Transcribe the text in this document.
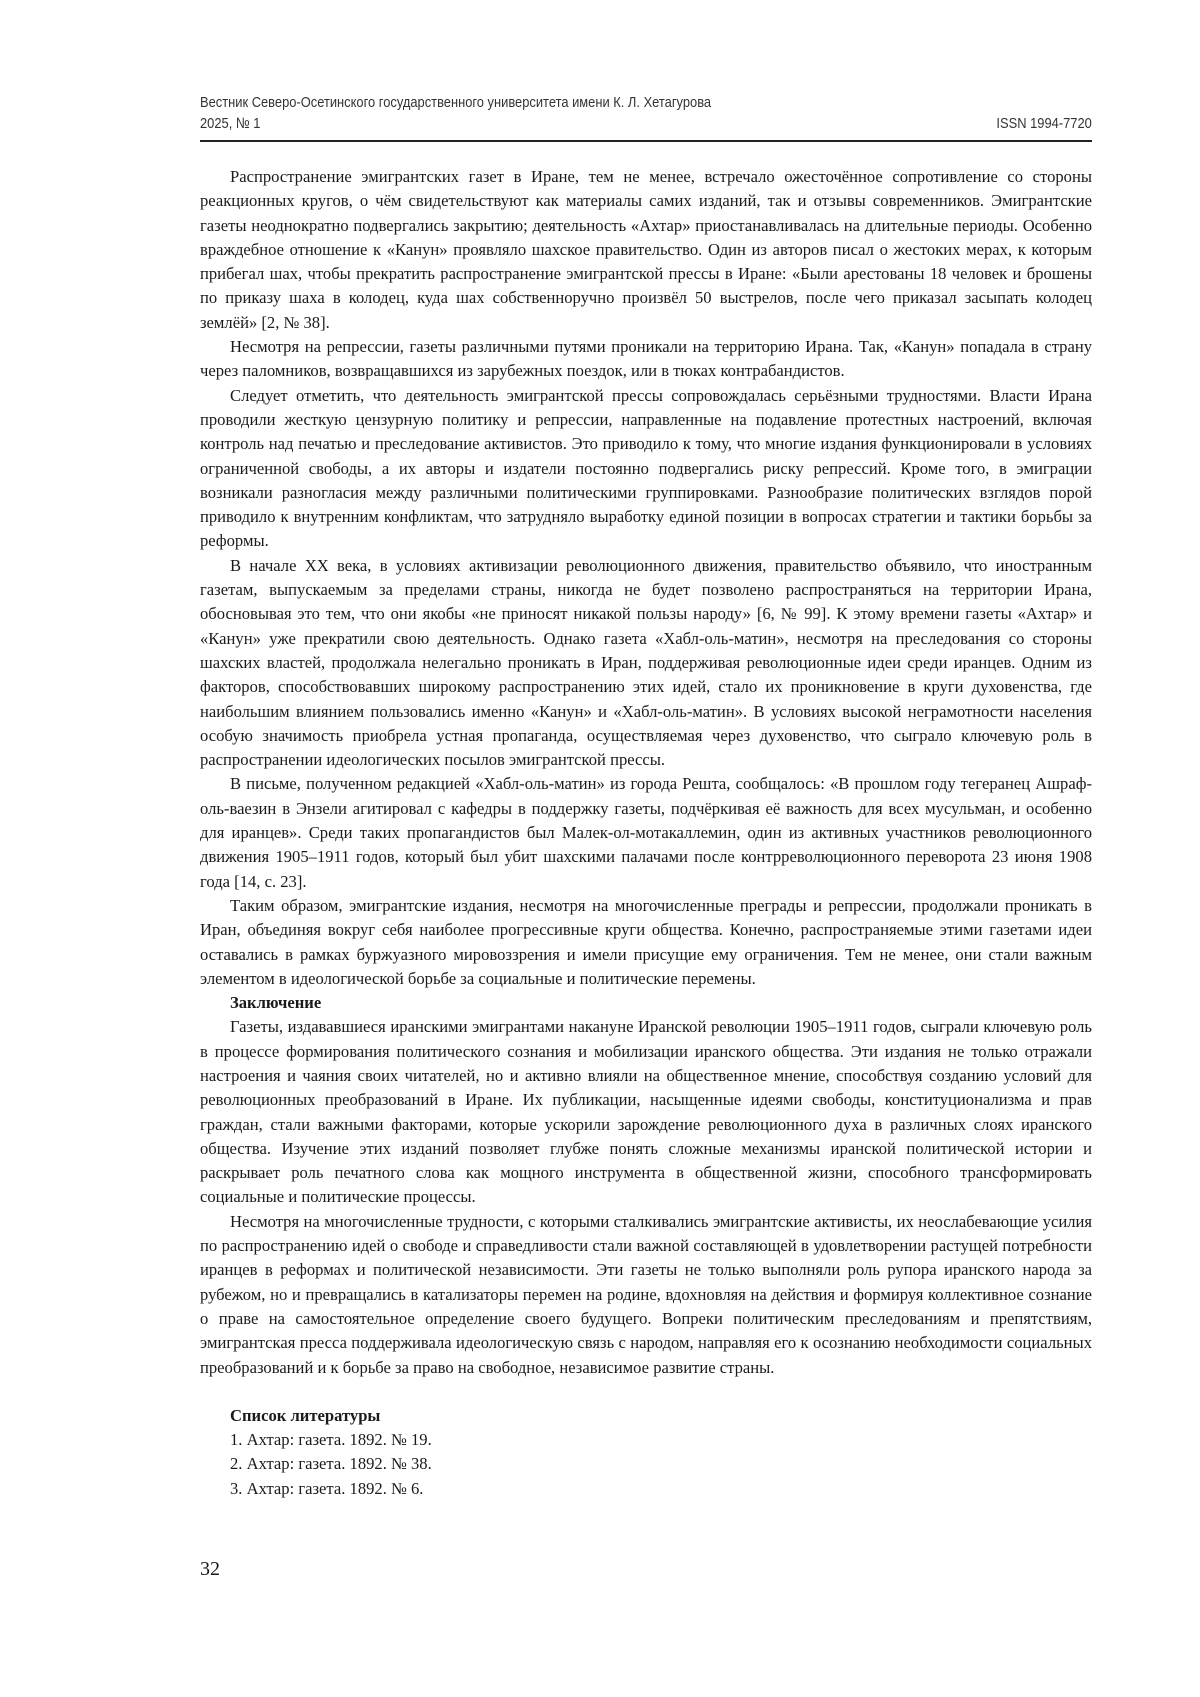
Вестник Северо-Осетинского государственного университета имени К. Л. Хетагурова
2025, № 1	ISSN 1994-7720

Распространение эмигрантских газет в Иране, тем не менее, встречало ожесточённое сопротивление со стороны реакционных кругов, о чём свидетельствуют как материалы самих изданий, так и отзывы современников. Эмигрантские газеты неоднократно подвергались закрытию; деятельность «Ахтар» приостанавливалась на длительные периоды. Особенно враждебное отношение к «Канун» проявляло шахское правительство. Один из авторов писал о жестоких мерах, к которым прибегал шах, чтобы прекратить распространение эмигрантской прессы в Иране: «Были арестованы 18 человек и брошены по приказу шаха в колодец, куда шах собственноручно произвёл 50 выстрелов, после чего приказал засыпать колодец землёй» [2, № 38].

Несмотря на репрессии, газеты различными путями проникали на территорию Ирана. Так, «Канун» попадала в страну через паломников, возвращавшихся из зарубежных поездок, или в тюках контрабандистов.

Следует отметить, что деятельность эмигрантской прессы сопровождалась серьёзными трудностями. Власти Ирана проводили жесткую цензурную политику и репрессии, направленные на подавление протестных настроений, включая контроль над печатью и преследование активистов. Это приводило к тому, что многие издания функционировали в условиях ограниченной свободы, а их авторы и издатели постоянно подвергались риску репрессий. Кроме того, в эмиграции возникали разногласия между различными политическими группировками. Разнообразие политических взглядов порой приводило к внутренним конфликтам, что затрудняло выработку единой позиции в вопросах стратегии и тактики борьбы за реформы.

В начале XX века, в условиях активизации революционного движения, правительство объявило, что иностранным газетам, выпускаемым за пределами страны, никогда не будет позволено распространяться на территории Ирана, обосновывая это тем, что они якобы «не приносят никакой пользы народу» [6, № 99]. К этому времени газеты «Ахтар» и «Канун» уже прекратили свою деятельность. Однако газета «Хабл-оль-матин», несмотря на преследования со стороны шахских властей, продолжала нелегально проникать в Иран, поддерживая революционные идеи среди иранцев. Одним из факторов, способствовавших широкому распространению этих идей, стало их проникновение в круги духовенства, где наибольшим влиянием пользовались именно «Канун» и «Хабл-оль-матин». В условиях высокой неграмотности населения особую значимость приобрела устная пропаганда, осуществляемая через духовенство, что сыграло ключевую роль в распространении идеологических посылов эмигрантской прессы.

В письме, полученном редакцией «Хабл-оль-матин» из города Решта, сообщалось: «В прошлом году тегеранец Ашраф-оль-ваезин в Энзели агитировал с кафедры в поддержку газеты, подчёркивая её важность для всех мусульман, и особенно для иранцев». Среди таких пропагандистов был Малек-ол-мотакаллемин, один из активных участников революционного движения 1905–1911 годов, который был убит шахскими палачами после контрреволюционного переворота 23 июня 1908 года [14, с. 23].

Таким образом, эмигрантские издания, несмотря на многочисленные преграды и репрессии, продолжали проникать в Иран, объединяя вокруг себя наиболее прогрессивные круги общества. Конечно, распространяемые этими газетами идеи оставались в рамках буржуазного мировоззрения и имели присущие ему ограничения. Тем не менее, они стали важным элементом в идеологической борьбе за социальные и политические перемены.

Заключение

Газеты, издававшиеся иранскими эмигрантами накануне Иранской революции 1905–1911 годов, сыграли ключевую роль в процессе формирования политического сознания и мобилизации иранского общества. Эти издания не только отражали настроения и чаяния своих читателей, но и активно влияли на общественное мнение, способствуя созданию условий для революционных преобразований в Иране. Их публикации, насыщенные идеями свободы, конституционализма и прав граждан, стали важными факторами, которые ускорили зарождение революционного духа в различных слоях иранского общества. Изучение этих изданий позволяет глубже понять сложные механизмы иранской политической истории и раскрывает роль печатного слова как мощного инструмента в общественной жизни, способного трансформировать социальные и политические процессы.

Несмотря на многочисленные трудности, с которыми сталкивались эмигрантские активисты, их неослабевающие усилия по распространению идей о свободе и справедливости стали важной составляющей в удовлетворении растущей потребности иранцев в реформах и политической независимости. Эти газеты не только выполняли роль рупора иранского народа за рубежом, но и превращались в катализаторы перемен на родине, вдохновляя на действия и формируя коллективное сознание о праве на самостоятельное определение своего будущего. Вопреки политическим преследованиям и препятствиям, эмигрантская пресса поддерживала идеологическую связь с народом, направляя его к осознанию необходимости социальных преобразований и к борьбе за право на свободное, независимое развитие страны.

Список литературы
1. Ахтар: газета. 1892. № 19.
2. Ахтар: газета. 1892. № 38.
3. Ахтар: газета. 1892. № 6.
32
